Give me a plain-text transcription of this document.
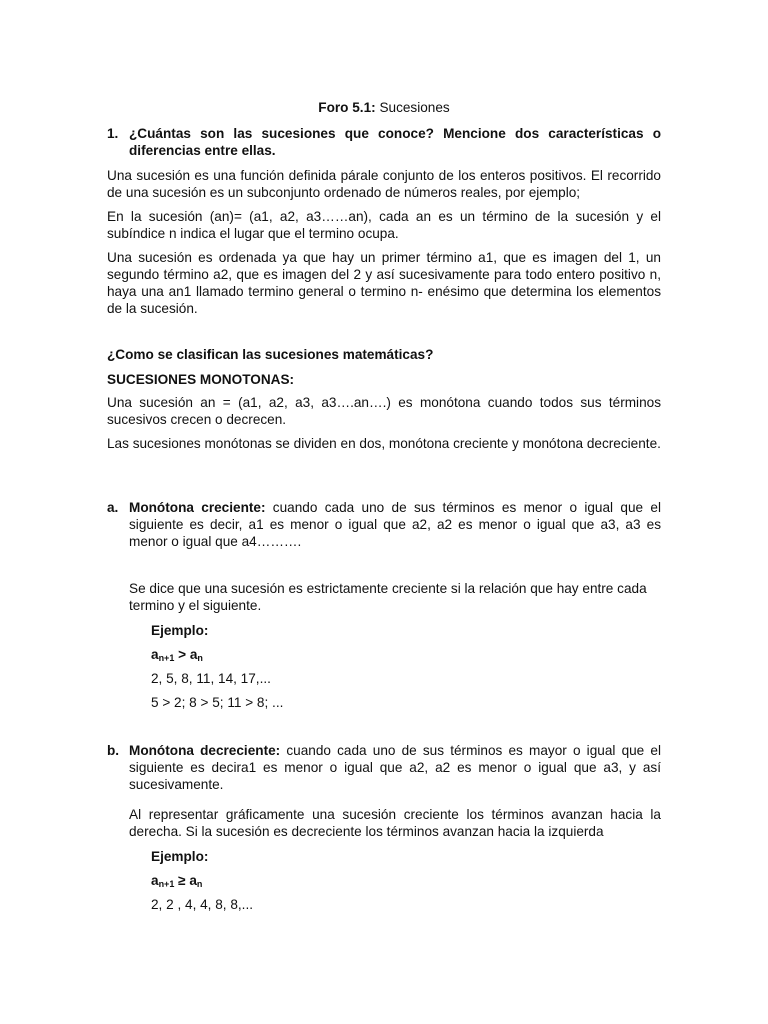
Foro 5.1: Sucesiones

1. ¿Cuántas son las sucesiones que conoce? Mencione dos características o diferencias entre ellas.

Una sucesión es una función definida párale conjunto de los enteros positivos. El recorrido de una sucesión es un subconjunto ordenado de números reales, por ejemplo;

En la sucesión (an)= (a1, a2, a3……an), cada an es un término de la sucesión y el subíndice n indica el lugar que el termino ocupa.

Una sucesión es ordenada ya que hay un primer término a1, que es imagen del 1, un segundo término a2, que es imagen del 2 y así sucesivamente para todo entero positivo n, haya una an1 llamado termino general o termino n- enésimo que determina los elementos de la sucesión.

¿Como se clasifican las sucesiones matemáticas?

SUCESIONES MONOTONAS:

Una sucesión an = (a1, a2, a3, a3….an….) es monótona cuando todos sus términos sucesivos crecen o decrecen.

Las sucesiones monótonas se dividen en dos, monótona creciente y monótona decreciente.

a. Monótona creciente: cuando cada uno de sus términos es menor o igual que el siguiente es decir, a1 es menor o igual que a2, a2 es menor o igual que a3, a3 es menor o igual que a4……….

Se dice que una sucesión es estrictamente creciente si la relación que hay entre cada termino y el siguiente.

Ejemplo:

$a_{n+1} > a_n$

2, 5, 8, 11, 14, 17,...

5 > 2; 8 > 5; 11 > 8; ...

b. Monótona decreciente: cuando cada uno de sus términos es mayor o igual que el siguiente es decira1 es menor o igual que a2, a2 es menor o igual que a3, y así sucesivamente.

Al representar gráficamente una sucesión creciente los términos avanzan hacia la derecha. Si la sucesión es decreciente los términos avanzan hacia la izquierda

Ejemplo:

$a_{n+1} \ge a_n$

2, 2 , 4, 4, 8, 8,...
